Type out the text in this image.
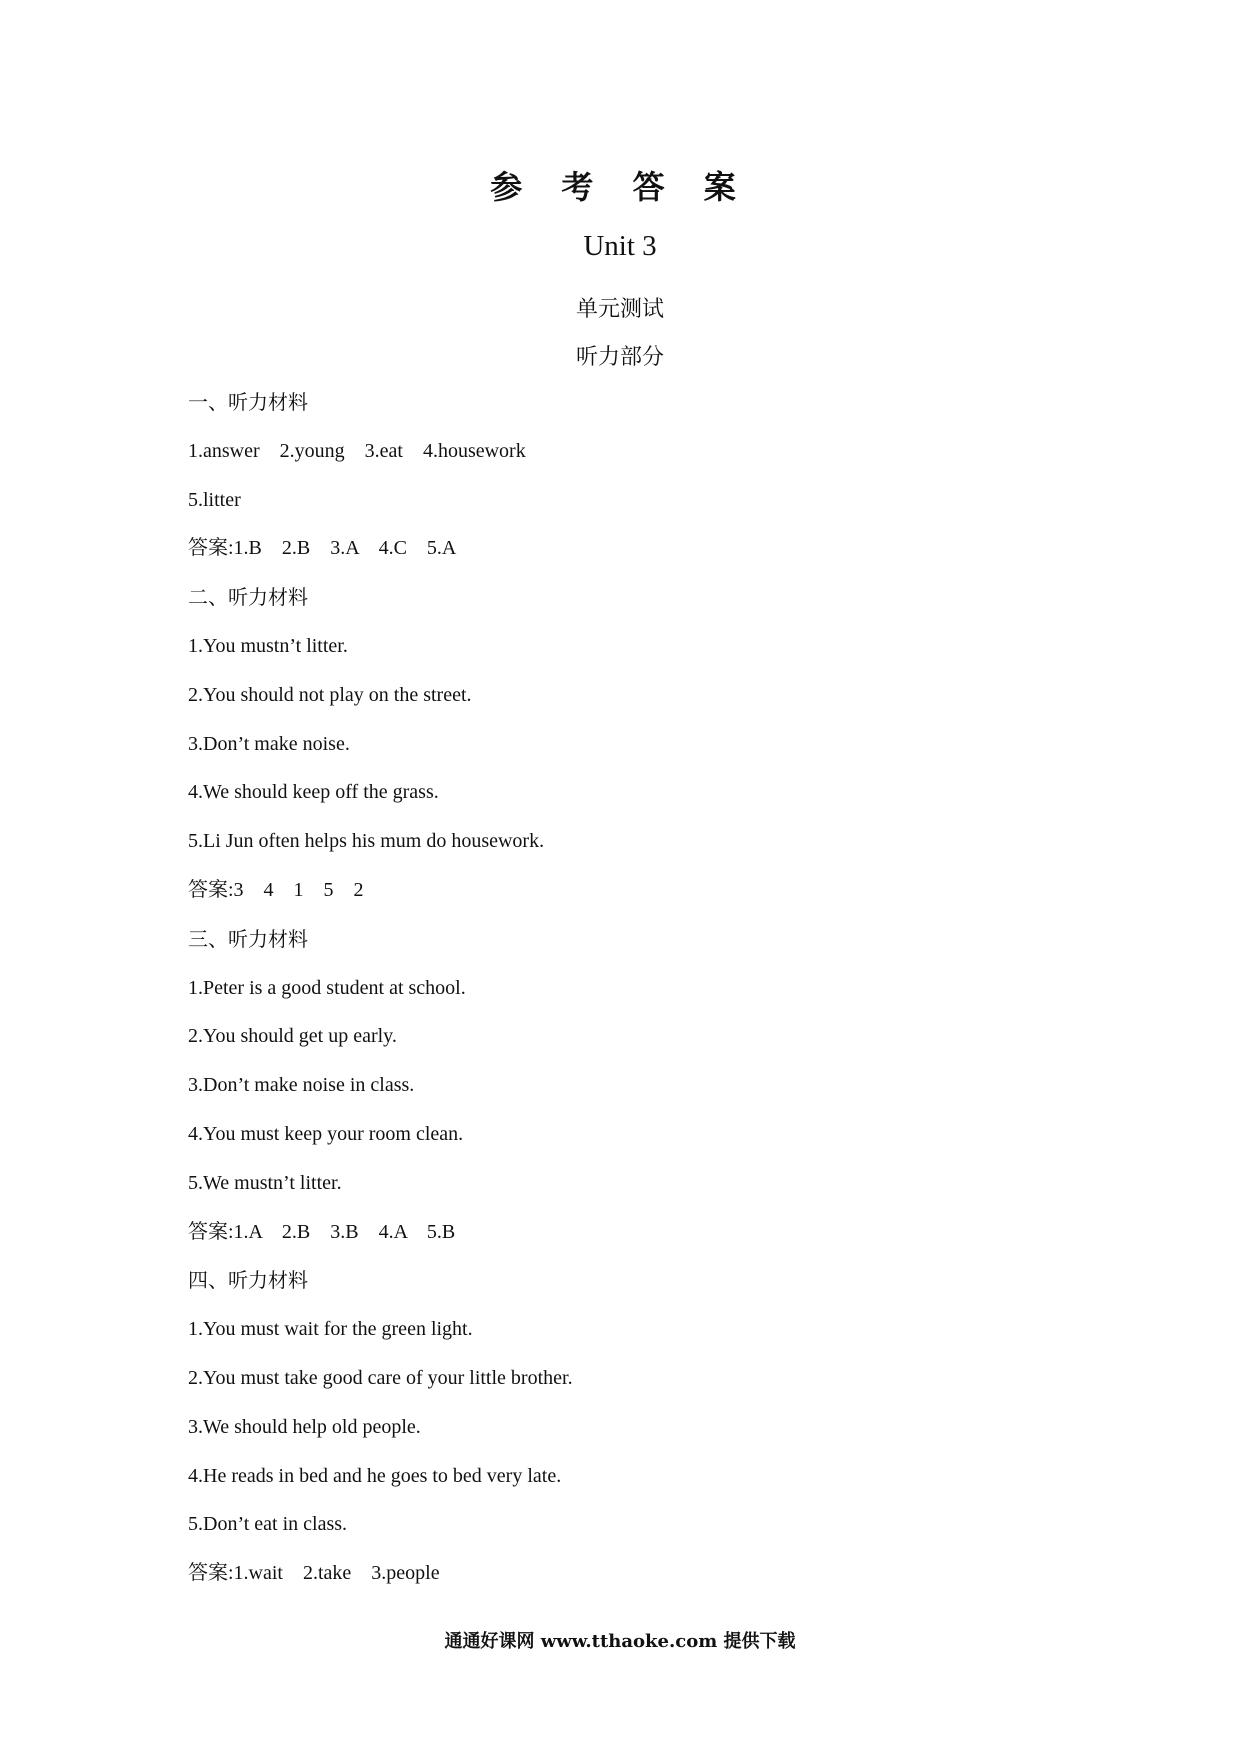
参 考 答 案
Unit 3
单元测试
听力部分
一、听力材料
1.answer    2.young    3.eat    4.housework
5.litter
答案:1.B    2.B    3.A    4.C    5.A
二、听力材料
1.You mustn’t litter.
2.You should not play on the street.
3.Don’t make noise.
4.We should keep off the grass.
5.Li Jun often helps his mum do housework.
答案:3    4    1    5    2
三、听力材料
1.Peter is a good student at school.
2.You should get up early.
3.Don’t make noise in class.
4.You must keep your room clean.
5.We mustn’t litter.
答案:1.A    2.B    3.B    4.A    5.B
四、听力材料
1.You must wait for the green light.
2.You must take good care of your little brother.
3.We should help old people.
4.He reads in bed and he goes to bed very late.
5.Don’t eat in class.
答案:1.wait    2.take    3.people
通通好课网 www.tthaoke.com 提供下载
